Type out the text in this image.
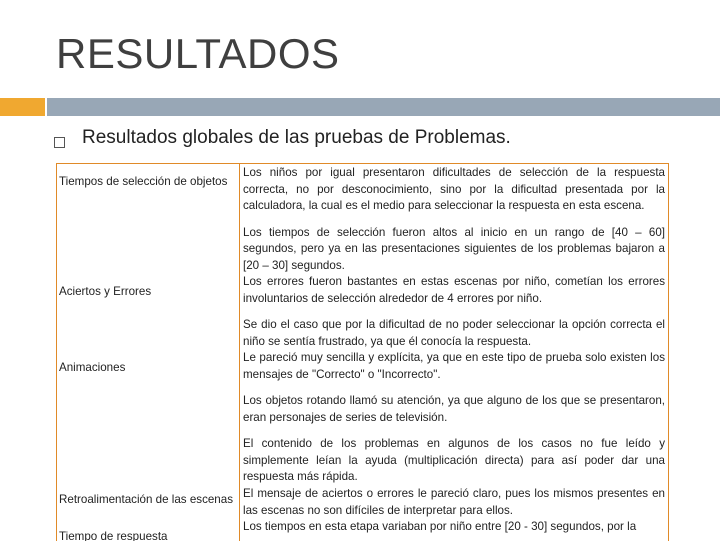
RESULTADOS
Resultados globales de las pruebas de Problemas.
Tiempos de selección de objetos

Los niños por igual presentaron dificultades de selección de la respuesta correcta, no por desconocimiento, sino por la dificultad presentada por la calculadora, la cual es el medio para seleccionar la respuesta en esta escena.

Los tiempos de selección fueron altos al inicio en un rango de [40 – 60] segundos, pero ya en las presentaciones siguientes de los problemas bajaron a [20 – 30] segundos.

Aciertos y Errores

Los errores fueron bastantes en estas escenas por niño, cometían los errores involuntarios de selección alrededor de 4 errores por niño.

Se dio el caso que por la dificultad de no poder seleccionar la opción correcta el niño se sentía frustrado, ya que él conocía la respuesta.

Animaciones

Le pareció muy sencilla y explícita, ya que en este tipo de prueba solo existen los mensajes de "Correcto" o "Incorrecto".

Los objetos rotando llamó su atención, ya que alguno de los que se presentaron, eran personajes de series de televisión.

El contenido de los problemas en algunos de los casos no fue leído y simplemente leían la ayuda (multiplicación directa) para así poder dar una respuesta más rápida.

Retroalimentación de las escenas El mensaje de aciertos o errores le pareció claro, pues los mismos presentes en las escenas no son difíciles de interpretar para ellos.

Tiempo de respuesta

Los tiempos en esta etapa variaban por niño entre [20 - 30] segundos, por la
